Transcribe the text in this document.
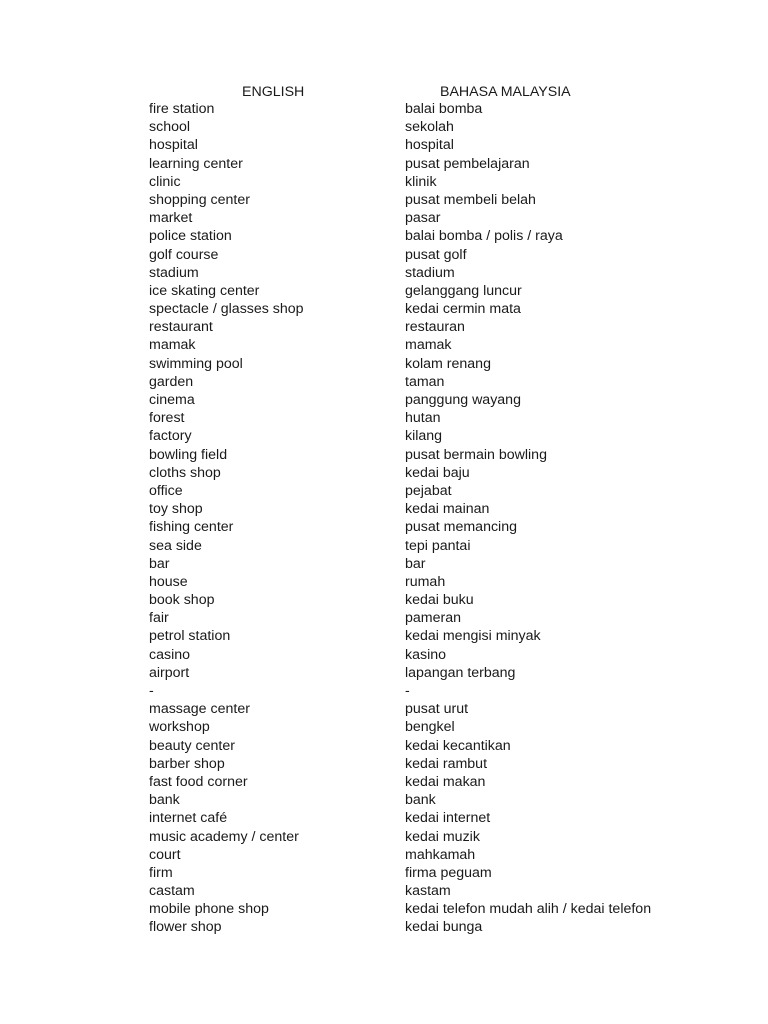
ENGLISH	BAHASA MALAYSIA
fire station	balai bomba
school	sekolah
hospital	hospital
learning center	pusat pembelajaran
clinic	klinik
shopping center	pusat membeli belah
market	pasar
police station	balai bomba / polis / raya
golf course	pusat golf
stadium	stadium
ice skating center	gelanggang luncur
spectacle / glasses shop	kedai cermin mata
restaurant	restauran
mamak	mamak
swimming pool	kolam renang
garden	taman
cinema	panggung wayang
forest	hutan
factory	kilang
bowling field	pusat bermain bowling
cloths shop	kedai baju
office	pejabat
toy shop	kedai mainan
fishing center	pusat memancing
sea side	tepi pantai
bar	bar
house	rumah
book shop	kedai buku
fair	pameran
petrol station	kedai mengisi minyak
casino	kasino
airport	lapangan terbang
-	-
massage center	pusat urut
workshop	bengkel
beauty center	kedai kecantikan
barber shop	kedai rambut
fast food corner	kedai makan
bank	bank
internet café	kedai internet
music academy / center	kedai muzik
court	mahkamah
firm	firma peguam
castam	kastam
mobile phone shop	kedai telefon mudah alih / kedai telefon
flower shop	kedai bunga
